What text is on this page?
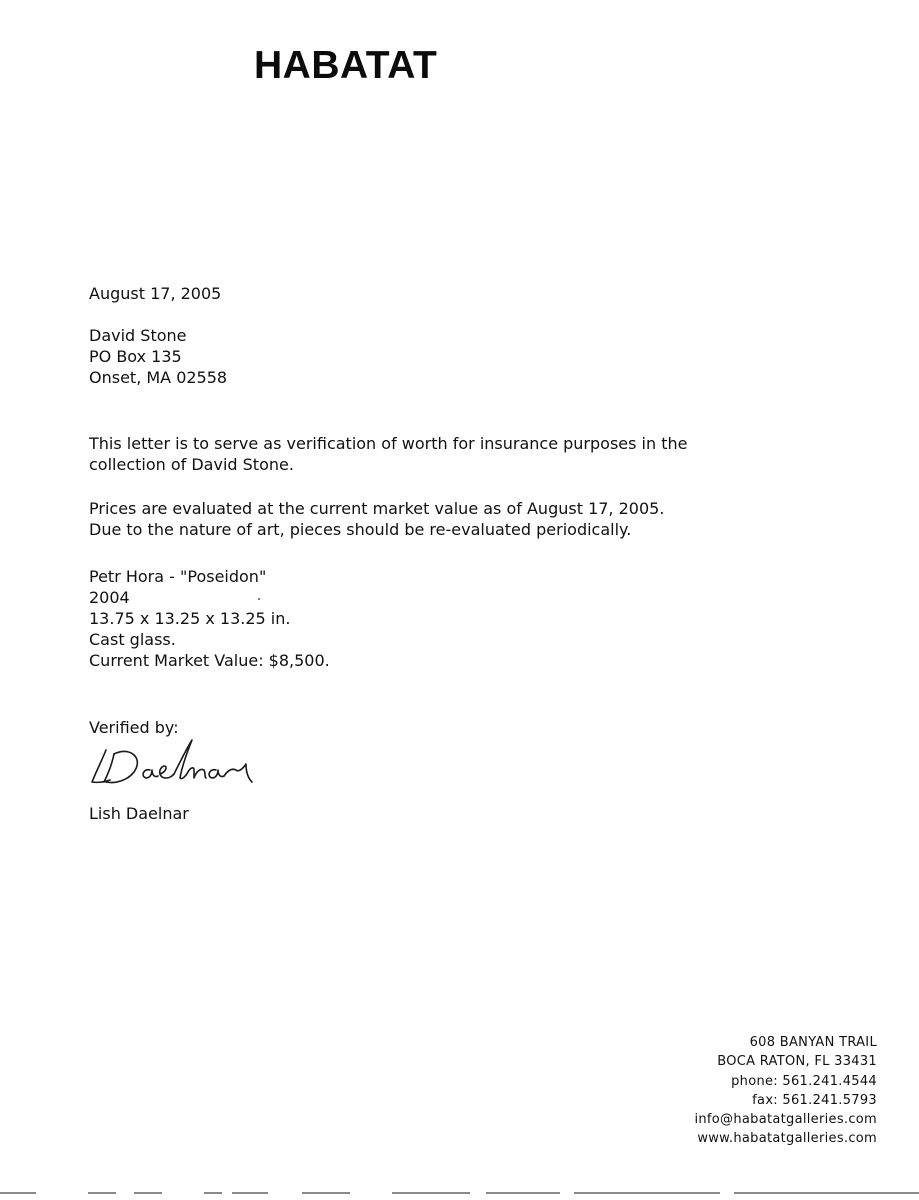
HABATAT
August 17, 2005
David Stone
PO Box 135
Onset, MA 02558
This letter is to serve as verification of worth for insurance purposes in the
collection of David Stone.
Prices are evaluated at the current market value as of August 17, 2005.
Due to the nature of art, pieces should be re-evaluated periodically.
Petr Hora - "Poseidon"
2004
13.75 x 13.25 x 13.25 in.
Cast glass.
Current Market Value: $8,500.
Verified by:
Lish Daelnar
608 BANYAN TRAIL
BOCA RATON, FL 33431
phone: 561.241.4544
fax: 561.241.5793
info@habatatgalleries.com
www.habatatgalleries.com
